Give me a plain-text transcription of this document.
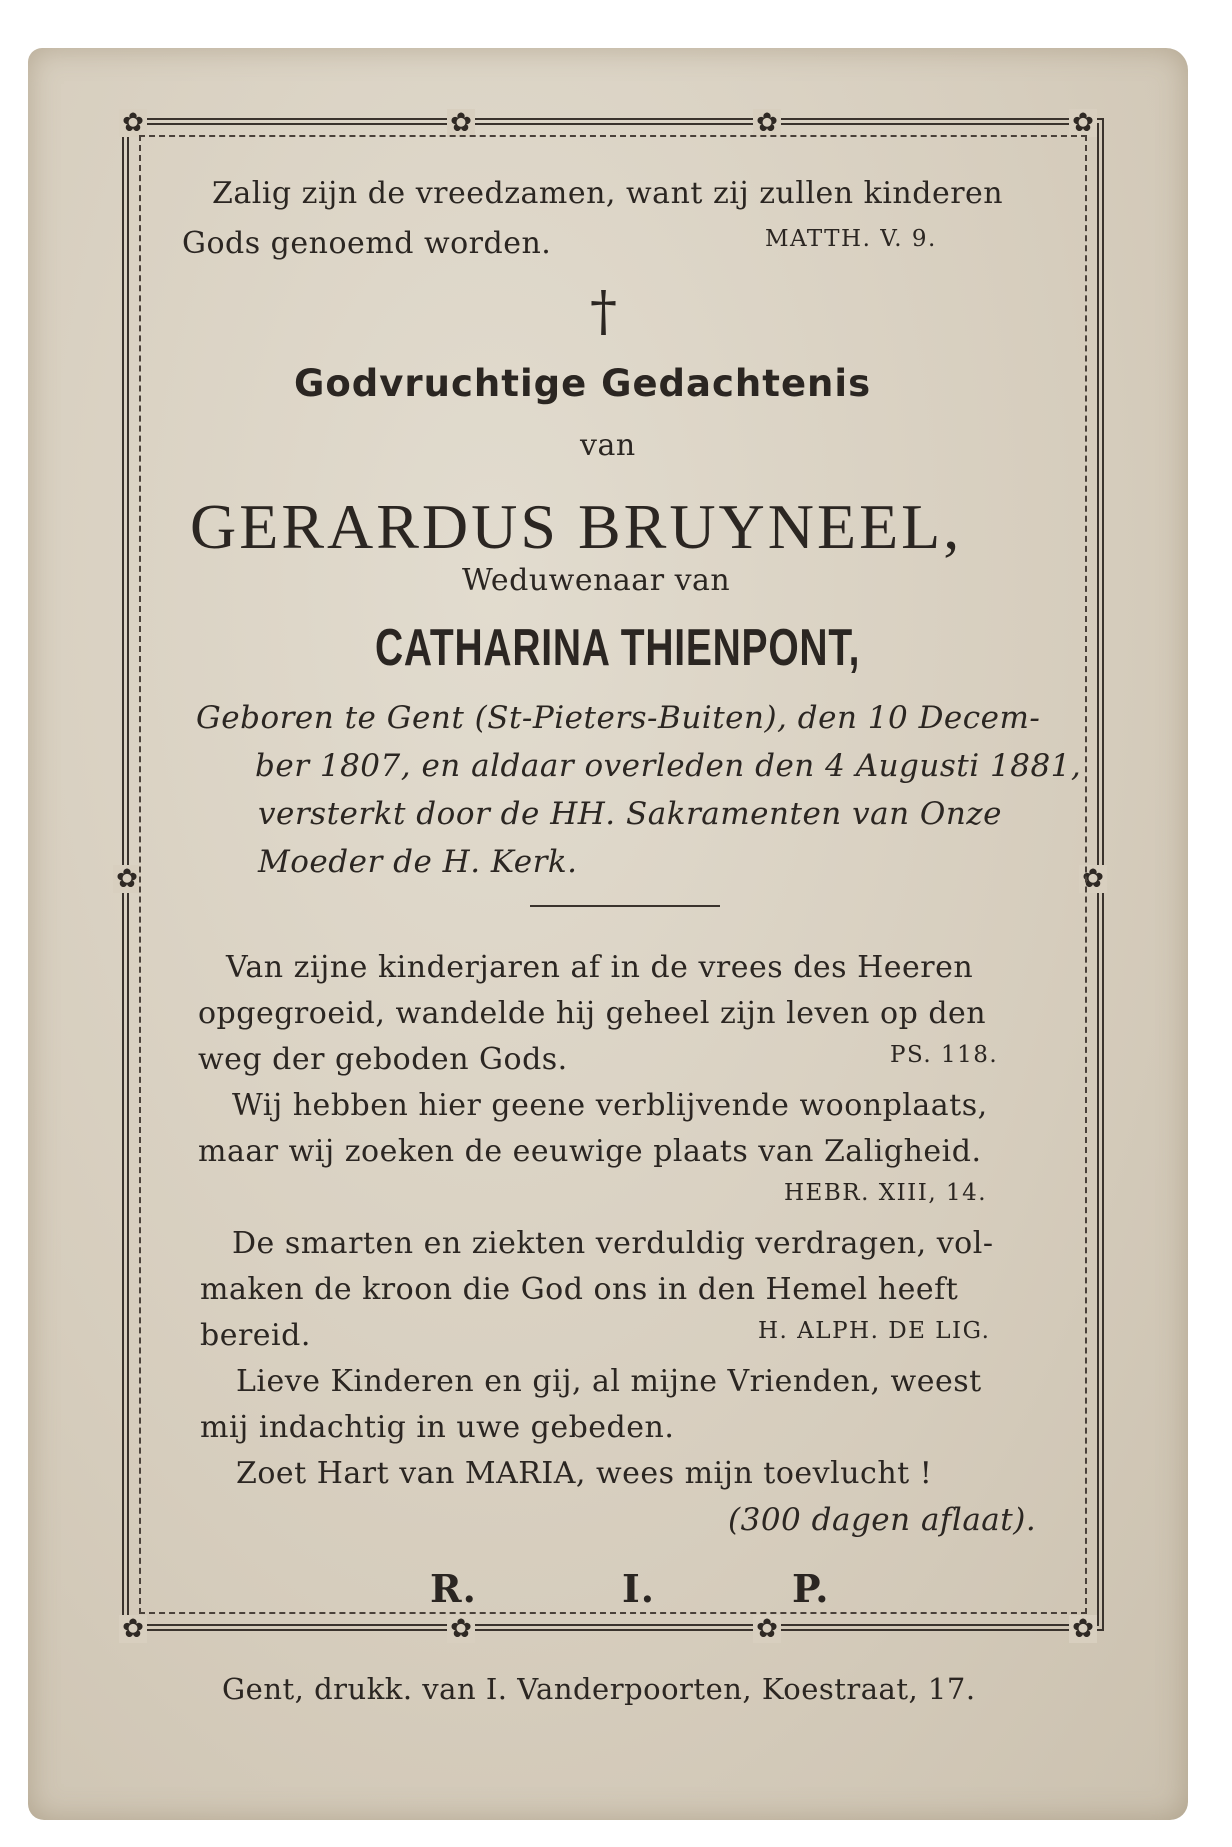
✿	✿	✿	✿
✿	✿
✿	✿	✿	✿
Zalig zijn de vreedzamen, want zij zullen kinderen
Gods genoemd worden.	MATTH. V. 9.
†
Godvruchtige Gedachtenis
van
GERARDUS BRUYNEEL,
Weduwenaar van
CATHARINA THIENPONT,
Geboren te Gent (St-Pieters-Buiten), den 10 Decem-
ber 1807, en aldaar overleden den 4 Augusti 1881,
versterkt door de HH. Sakramenten van Onze
Moeder de H. Kerk.
Van zijne kinderjaren af in de vrees des Heeren
opgegroeid, wandelde hij geheel zijn leven op den
weg der geboden Gods.	PS. 118.
Wij hebben hier geene verblijvende woonplaats,
maar wij zoeken de eeuwige plaats van Zaligheid.
HEBR. XIII, 14.
De smarten en ziekten verduldig verdragen, vol-
maken de kroon die God ons in den Hemel heeft
bereid.	H. ALPH. DE LIG.
Lieve Kinderen en gij, al mijne Vrienden, weest
mij indachtig in uwe gebeden.
Zoet Hart van MARIA, wees mijn toevlucht !
(300 dagen aflaat).
R.	I.	P.
Gent, drukk. van I. Vanderpoorten, Koestraat, 17.
